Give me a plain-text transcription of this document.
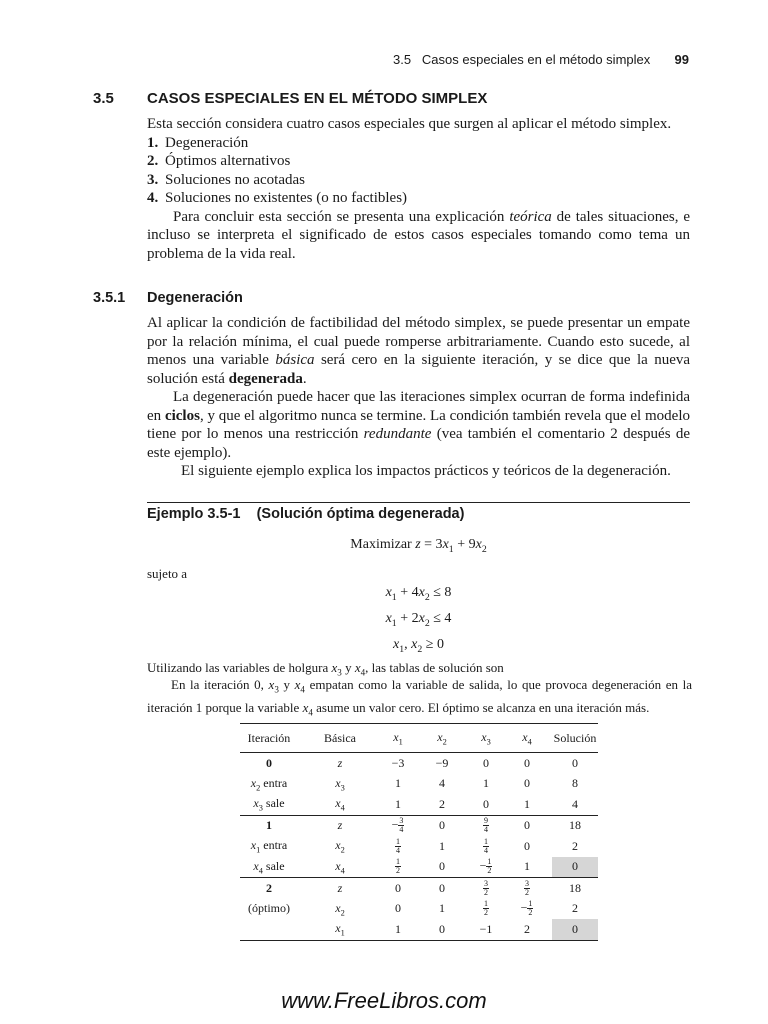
3.5   Casos especiales en el método simplex 99
3.5 CASOS ESPECIALES EN EL MÉTODO SIMPLEX

Esta sección considera cuatro casos especiales que surgen al aplicar el método simplex.

1. Degeneración
2. Óptimos alternativos
3. Soluciones no acotadas
4. Soluciones no existentes (o no factibles)

Para concluir esta sección se presenta una explicación teórica de tales situaciones, e incluso se interpreta el significado de estos casos especiales tomando como tema un problema de la vida real.

3.5.1 Degeneración

Al aplicar la condición de factibilidad del método simplex, se puede presentar un empate por la relación mínima, el cual puede romperse arbitrariamente. Cuando esto sucede, al menos una variable básica será cero en la siguiente iteración, y se dice que la nueva solución está degenerada.

La degeneración puede hacer que las iteraciones simplex ocurran de forma indefinida en ciclos, y que el algoritmo nunca se termine. La condición también revela que el modelo tiene por lo menos una restricción redundante (vea también el comentario 2 después de este ejemplo).

El siguiente ejemplo explica los impactos prácticos y teóricos de la degeneración.

Ejemplo 3.5-1    (Solución óptima degenerada)
Maximizar $z = 3x_1 + 9x_2$
sujeto a
$x_1 + 4x_2 \le 8$
$x_1 + 2x_2 \le 4$
$x_1$, $x_2 \ge 0$
Utilizando las variables de holgura $x_3$ y $x_4$, las tablas de solución son
En la iteración 0, $x_3$ y $x_4$ empatan como la variable de salida, lo que provoca degeneración en la iteración 1 porque la variable $x_4$ asume un valor cero. El óptimo se alcanza en una iteración más.
Iteración	Básica	$x_1$	$x_2$	$x_3$	$x_4$	Solución
0	z	−3	−9	0	0	0
$x_2$ entra	$x_3$	1	4	1	0	8
$x_3$ sale	$x_4$	1	2	0	1	4
1	z	− $\frac{3}{4}$	0	$\frac{9}{4}$	0	18
$x_1$ entra	$x_2$	$\frac{1}{4}$	1	$\frac{1}{4}$	0	2
$x_4$ sale	$x_4$	$\frac{1}{2}$	0	− $\frac{1}{2}$	1	0
2	z	0	0	$\frac{3}{2}$	$\frac{3}{2}$	18
(óptimo)	$x_2$	0	1	$\frac{1}{2}$	− $\frac{1}{2}$	2
	$x_1$	1	0	−1	2	0
www.FreeLibros.com
